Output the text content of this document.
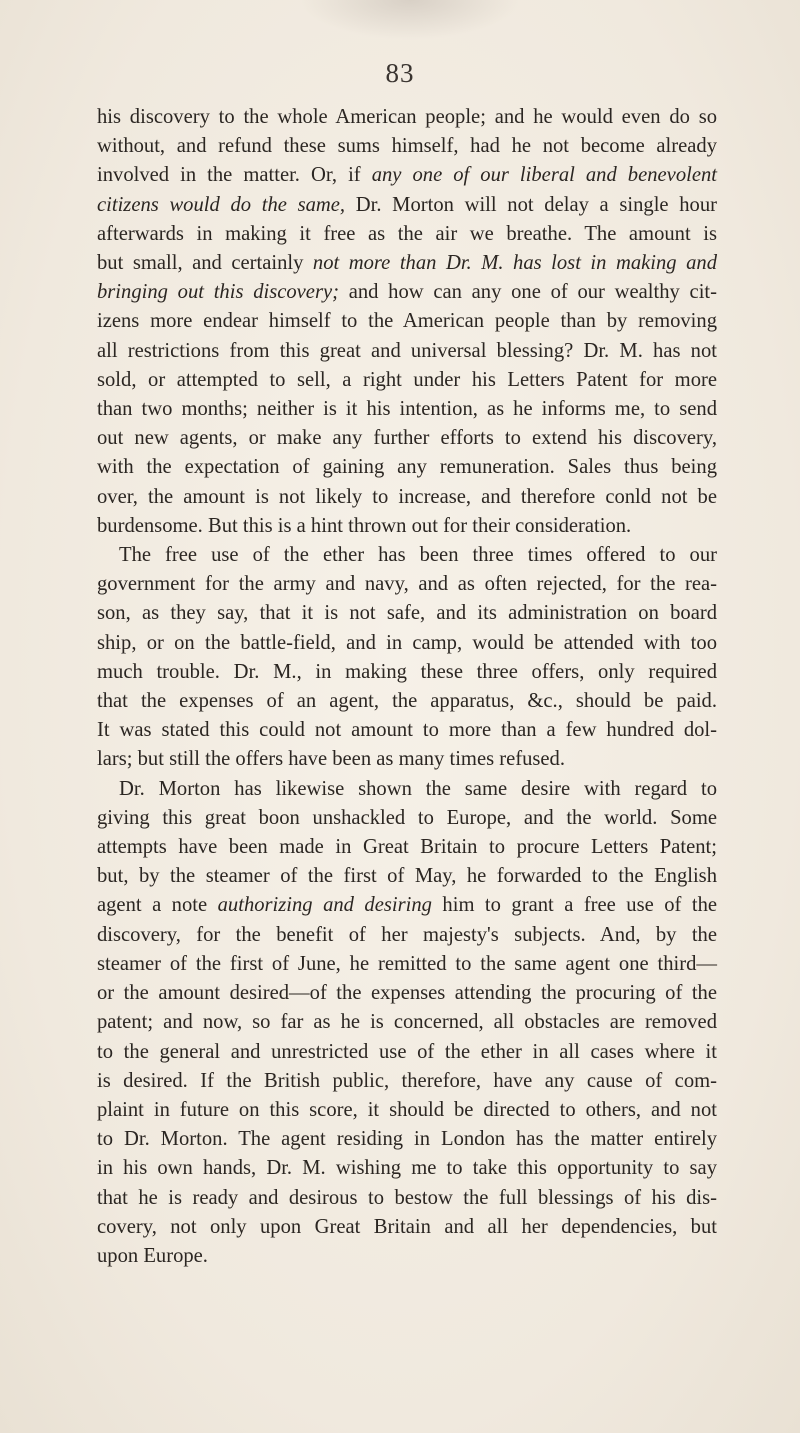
83
his discovery to the whole American people; and he would even do so
without, and refund these sums himself, had he not become already
involved in the matter. Or, if any one of our liberal and benevolent
citizens would do the same, Dr. Morton will not delay a single hour
afterwards in making it free as the air we breathe. The amount is
but small, and certainly not more than Dr. M. has lost in making and
bringing out this discovery; and how can any one of our wealthy cit-
izens more endear himself to the American people than by removing
all restrictions from this great and universal blessing? Dr. M. has not
sold, or attempted to sell, a right under his Letters Patent for more
than two months; neither is it his intention, as he informs me, to send
out new agents, or make any further efforts to extend his discovery,
with the expectation of gaining any remuneration. Sales thus being
over, the amount is not likely to increase, and therefore conld not be
burdensome. But this is a hint thrown out for their consideration.
The free use of the ether has been three times offered to our
government for the army and navy, and as often rejected, for the rea-
son, as they say, that it is not safe, and its administration on board
ship, or on the battle-field, and in camp, would be attended with too
much trouble. Dr. M., in making these three offers, only required
that the expenses of an agent, the apparatus, &c., should be paid.
It was stated this could not amount to more than a few hundred dol-
lars; but still the offers have been as many times refused.
Dr. Morton has likewise shown the same desire with regard to
giving this great boon unshackled to Europe, and the world. Some
attempts have been made in Great Britain to procure Letters Patent;
but, by the steamer of the first of May, he forwarded to the English
agent a note authorizing and desiring him to grant a free use of the
discovery, for the benefit of her majesty's subjects. And, by the
steamer of the first of June, he remitted to the same agent one third—
or the amount desired—of the expenses attending the procuring of the
patent; and now, so far as he is concerned, all obstacles are removed
to the general and unrestricted use of the ether in all cases where it
is desired. If the British public, therefore, have any cause of com-
plaint in future on this score, it should be directed to others, and not
to Dr. Morton. The agent residing in London has the matter entirely
in his own hands, Dr. M. wishing me to take this opportunity to say
that he is ready and desirous to bestow the full blessings of his dis-
covery, not only upon Great Britain and all her dependencies, but
upon Europe.
